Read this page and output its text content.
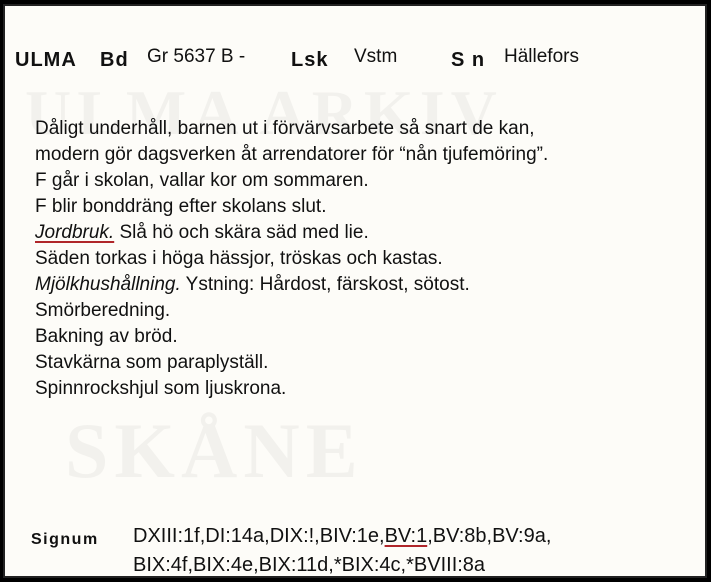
ULMA Bd Gr 5637 B - Lsk Vstm	S n Hällefors
Dåligt underhåll, barnen ut i förvärvsarbete så snart de kan,
modern gör dagsverken åt arrendatorer för “nån tjufemöring”.
F går i skolan, vallar kor om sommaren.
F blir bonddräng efter skolans slut.
Jordbruk. Slå hö och skära säd med lie.
Säden torkas i höga hässjor, tröskas och kastas.
Mjölkhushållning. Ystning: Hårdost, färskost, sötost.
Smörberedning.
Bakning av bröd.
Stavkärna som paraplyställ.
Spinnrockshjul som ljuskrona.
Signum DXIII:1f,DI:14a,DIX:!,BIV:1e,BV:1,BV:8b,BV:9a,
BIX:4f,BIX:4e,BIX:11d,*BIX:4c,*BVIII:8a
